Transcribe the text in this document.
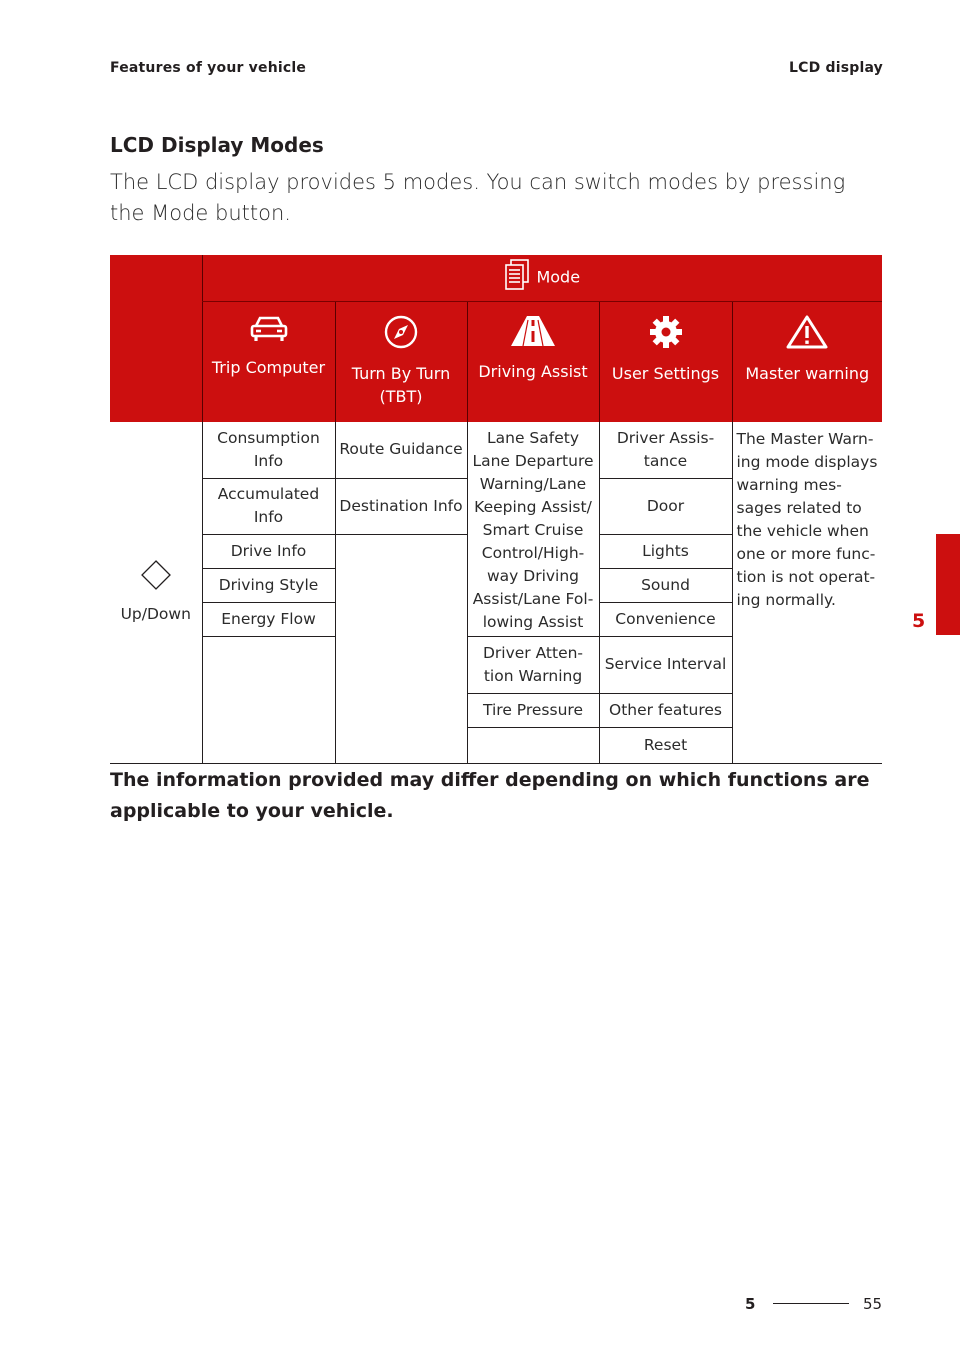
Features of your vehicle	LCD display
LCD Display Modes
The LCD display provides 5 modes. You can switch modes by pressing the Mode button.
	Mode				

Trip Computer	Turn By Turn (TBT)	Driving Assist	User Settings	Master warning

Up/Down	Consumption Info	Route Guidance	Lane Safety Lane Departure Warning/Lane Keeping Assist/ Smart Cruise Control/High-way Driving Assist/Lane Fol-lowing Assist	Driver Assis-tance	The Master Warn-ing mode displays warning mes-sages related to the vehicle when one or more func-tion is not operat-ing normally.
	Accumulated Info	Destination Info		Door	
	Drive Info			Lights	
	Driving Style			Sound	
	Energy Flow			Convenience	
			Driver Atten-tion Warning	Service Interval	
			Tire Pressure	Other features	
				Reset	
The information provided may differ depending on which functions are applicable to your vehicle.
5
5	55
